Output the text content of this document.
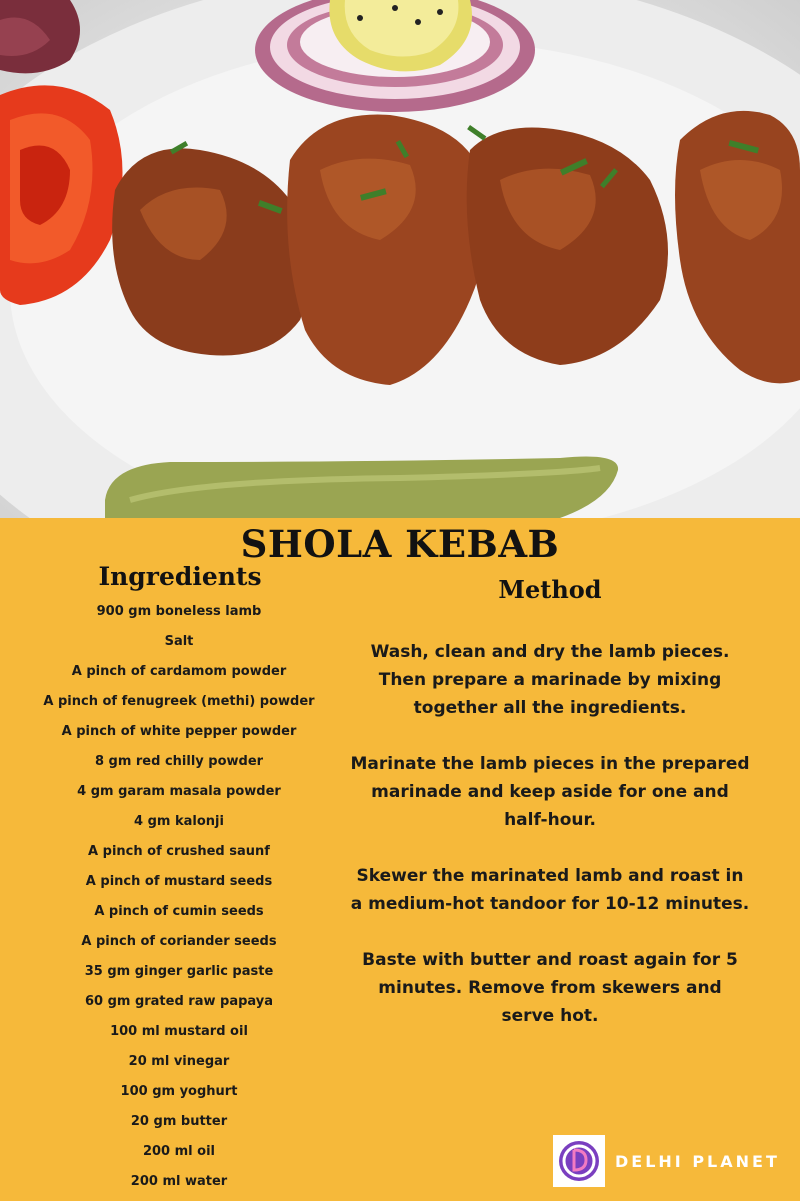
SHOLA KEBAB
Ingredients
900 gm boneless lamb
Salt
A pinch of cardamom powder
A pinch of fenugreek (methi) powder
A pinch of white pepper powder
8 gm red chilly powder
4 gm garam masala powder
4 gm kalonji
A pinch of crushed saunf
A pinch of mustard seeds
A pinch of cumin seeds
A pinch of coriander seeds
35 gm ginger garlic paste
60 gm grated raw papaya
100 ml mustard oil
20 ml vinegar
100 gm yoghurt
20 gm butter
200 ml oil
200 ml water
Method

Wash, clean and dry the lamb pieces. Then prepare a marinade by mixing together all the ingredients.

Marinate the lamb pieces in the prepared marinade and keep aside for one and half-hour.

Skewer the marinated lamb and roast in a medium-hot tandoor for 10-12 minutes.

Baste with butter and roast again for 5 minutes. Remove from skewers and serve hot.

DELHI PLANET
